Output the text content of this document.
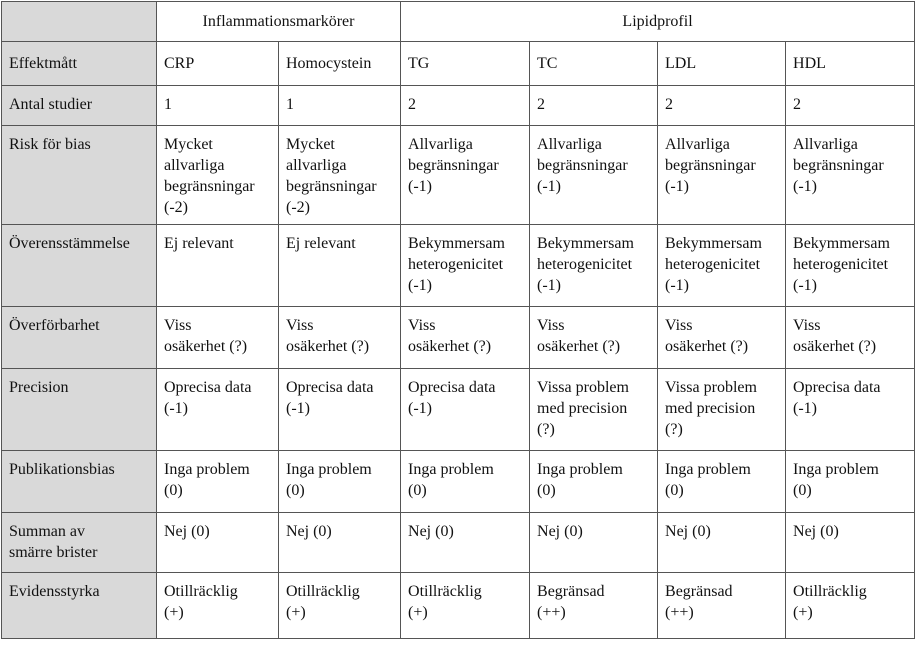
	Inflammationsmarkörer		Lipidprofil			
Effektmått	CRP	Homocystein	TG	TC	LDL	HDL

Antal studier	1	1	2	2	2	2

Risk för bias	Mycket
allvarliga
begränsningar
(-2)	Mycket
allvarliga
begränsningar
(-2)	Allvarliga
begränsningar
(-1)	Allvarliga
begränsningar
(-1)	Allvarliga
begränsningar
(-1)	Allvarliga
begränsningar
(-1)

Överensstämmelse	Ej relevant	Ej relevant	Bekymmersam
heterogenicitet
(-1)	Bekymmersam
heterogenicitet
(-1)	Bekymmersam
heterogenicitet
(-1)	Bekymmersam
heterogenicitet
(-1)

Överförbarhet	Viss
osäkerhet (?)	Viss
osäkerhet (?)	Viss
osäkerhet (?)	Viss
osäkerhet (?)	Viss
osäkerhet (?)	Viss
osäkerhet (?)

Precision	Oprecisa data
(-1)	Oprecisa data
(-1)	Oprecisa data
(-1)	Vissa problem
med precision
(?)	Vissa problem
med precision
(?)	Oprecisa data
(-1)

Publikationsbias	Inga problem
(0)	Inga problem
(0)	Inga problem
(0)	Inga problem
(0)	Inga problem
(0)	Inga problem
(0)

Summan av
smärre brister	Nej (0)	Nej (0)	Nej (0)	Nej (0)	Nej (0)	Nej (0)

Evidensstyrka	Otillräcklig
(+)	Otillräcklig
(+)	Otillräcklig
(+)	Begränsad
(++)	Begränsad
(++)	Otillräcklig
(+)
